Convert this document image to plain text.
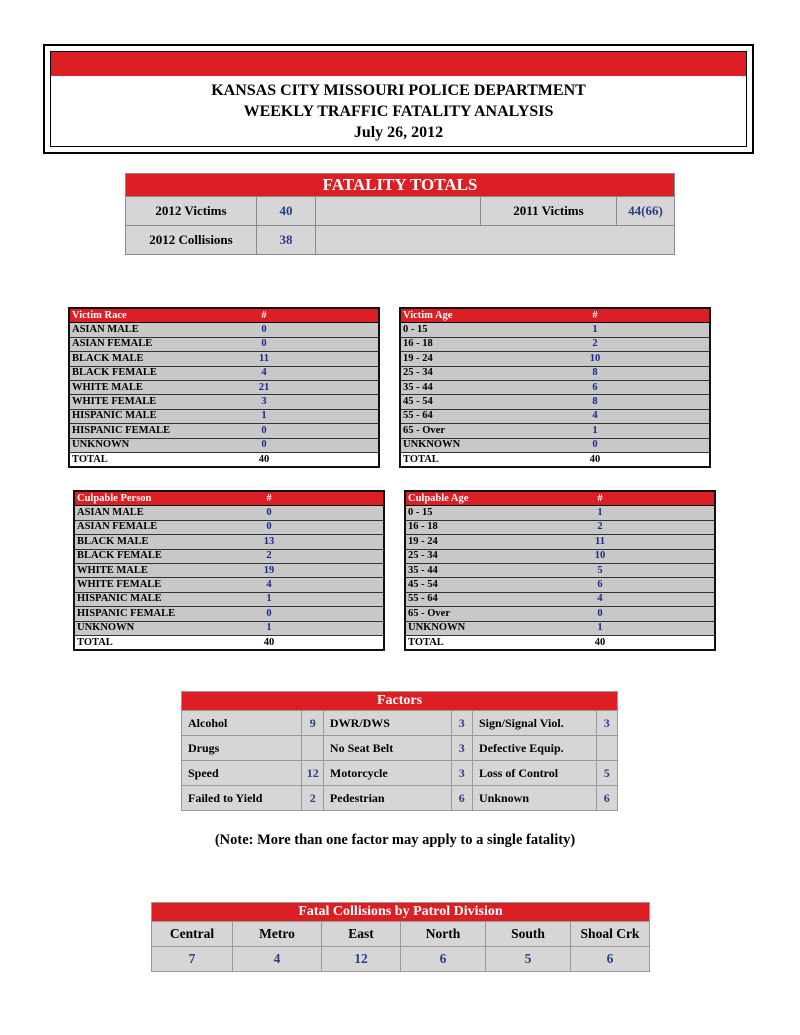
KANSAS CITY MISSOURI POLICE DEPARTMENT
WEEKLY TRAFFIC FATALITY ANALYSIS
July 26, 2012
FATALITY TOTALS				
2012 Victims	40		2011 Victims	44(66)
2012 Collisions	38			
Victim Race	#	
ASIAN MALE	0	
ASIAN FEMALE	0	
BLACK MALE	11	
BLACK FEMALE	4	
WHITE MALE	21	
WHITE FEMALE	3	
HISPANIC MALE	1	
HISPANIC FEMALE	0	
UNKNOWN	0	
TOTAL	40	
Victim Age	#	
0 - 15	1	
16 - 18	2	
19 - 24	10	
25 - 34	8	
35 - 44	6	
45 - 54	8	
55 - 64	4	
65 - Over	1	
UNKNOWN	0	
TOTAL	40	
Culpable Person	#	
ASIAN MALE	0	
ASIAN FEMALE	0	
BLACK MALE	13	
BLACK FEMALE	2	
WHITE MALE	19	
WHITE FEMALE	4	
HISPANIC MALE	1	
HISPANIC FEMALE	0	
UNKNOWN	1	
TOTAL	40	
Culpable Age	#	
0 - 15	1	
16 - 18	2	
19 - 24	11	
25 - 34	10	
35 - 44	5	
45 - 54	6	
55 - 64	4	
65 - Over	0	
UNKNOWN	1	
TOTAL	40	
Factors					
Alcohol	9	DWR/DWS	3	Sign/Signal Viol.	3
Drugs		No Seat Belt	3	Defective Equip.	
Speed	12	Motorcycle	3	Loss of Control	5
Failed to Yield	2	Pedestrian	6	Unknown	6
(Note: More than one factor may apply to a single fatality)
Fatal Collisions by Patrol Division					
Central	Metro	East	North	South	Shoal Crk
7	4	12	6	5	6
